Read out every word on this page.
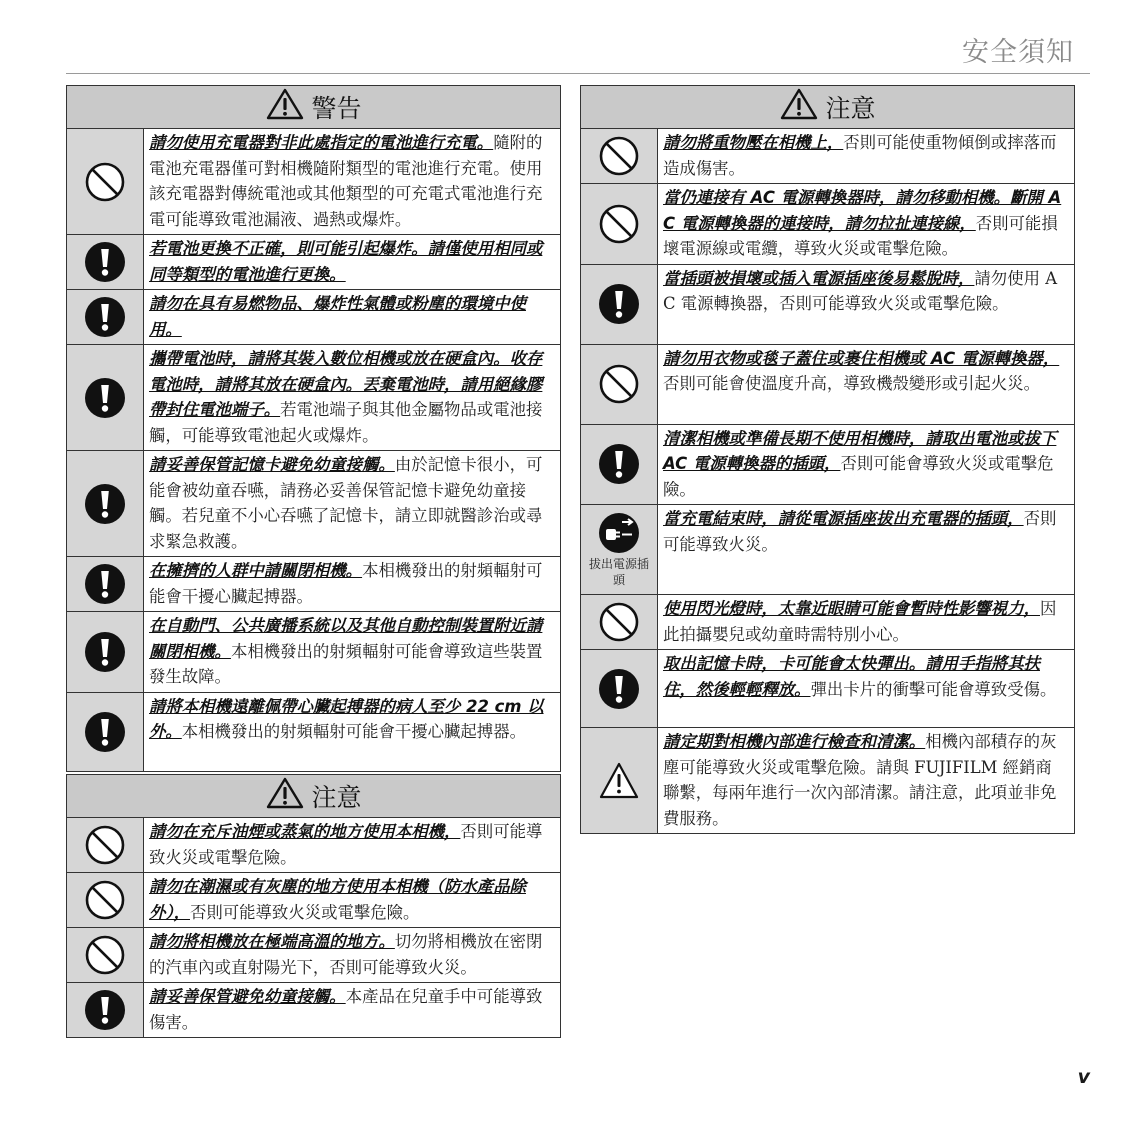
安全須知
警告
請勿使用充電器對非此處指定的電池進行充電。隨附的電池充電器僅可對相機隨附類型的電池進行充電。使用該充電器對傳統電池或其他類型的可充電式電池進行充電可能導致電池漏液、過熱或爆炸。
若電池更換不正確，則可能引起爆炸。請僅使用相同或同等類型的電池進行更換。
請勿在具有易燃物品、爆炸性氣體或粉塵的環境中使用。
攜帶電池時，請將其裝入數位相機或放在硬盒內。收存電池時，請將其放在硬盒內。丟棄電池時，請用絕緣膠帶封住電池端子。若電池端子與其他金屬物品或電池接觸，可能導致電池起火或爆炸。
請妥善保管記憶卡避免幼童接觸。由於記憶卡很小，可能會被幼童吞嚥，請務必妥善保管記憶卡避免幼童接觸。若兒童不小心吞嚥了記憶卡，請立即就醫診治或尋求緊急救護。
在擁擠的人群中請關閉相機。本相機發出的射頻輻射可能會干擾心臟起搏器。
在自動門、公共廣播系統以及其他自動控制裝置附近請關閉相機。本相機發出的射頻輻射可能會導致這些裝置發生故障。
請將本相機遠離佩帶心臟起搏器的病人至少 22 cm 以外。本相機發出的射頻輻射可能會干擾心臟起搏器。
注意
請勿在充斥油煙或蒸氣的地方使用本相機，否則可能導致火災或電擊危險。
請勿在潮濕或有灰塵的地方使用本相機（防水產品除外），否則可能導致火災或電擊危險。
請勿將相機放在極端高溫的地方。切勿將相機放在密閉的汽車內或直射陽光下，否則可能導致火災。
請妥善保管避免幼童接觸。本產品在兒童手中可能導致傷害。
注意
請勿將重物壓在相機上，否則可能使重物傾倒或摔落而造成傷害。
當仍連接有 AC 電源轉換器時，請勿移動相機。斷開 AC 電源轉換器的連接時，請勿拉扯連接線，否則可能損壞電源線或電纜，導致火災或電擊危險。
當插頭被損壞或插入電源插座後易鬆脫時，請勿使用 AC 電源轉換器，否則可能導致火災或電擊危險。
請勿用衣物或毯子蓋住或裹住相機或 AC 電源轉換器，否則可能會使溫度升高，導致機殼變形或引起火災。
清潔相機或準備長期不使用相機時，請取出電池或拔下 AC 電源轉換器的插頭，否則可能會導致火災或電擊危險。
拔出電源插頭
當充電結束時，請從電源插座拔出充電器的插頭，否則可能導致火災。
使用閃光燈時，太靠近眼睛可能會暫時性影響視力，因此拍攝嬰兒或幼童時需特別小心。
取出記憶卡時，卡可能會太快彈出。請用手指將其扶住，然後輕輕釋放。彈出卡片的衝擊可能會導致受傷。
請定期對相機內部進行檢查和清潔。相機內部積存的灰塵可能導致火災或電擊危險。請與 FUJIFILM 經銷商聯繫，每兩年進行一次內部清潔。請注意，此項並非免費服務。
v
